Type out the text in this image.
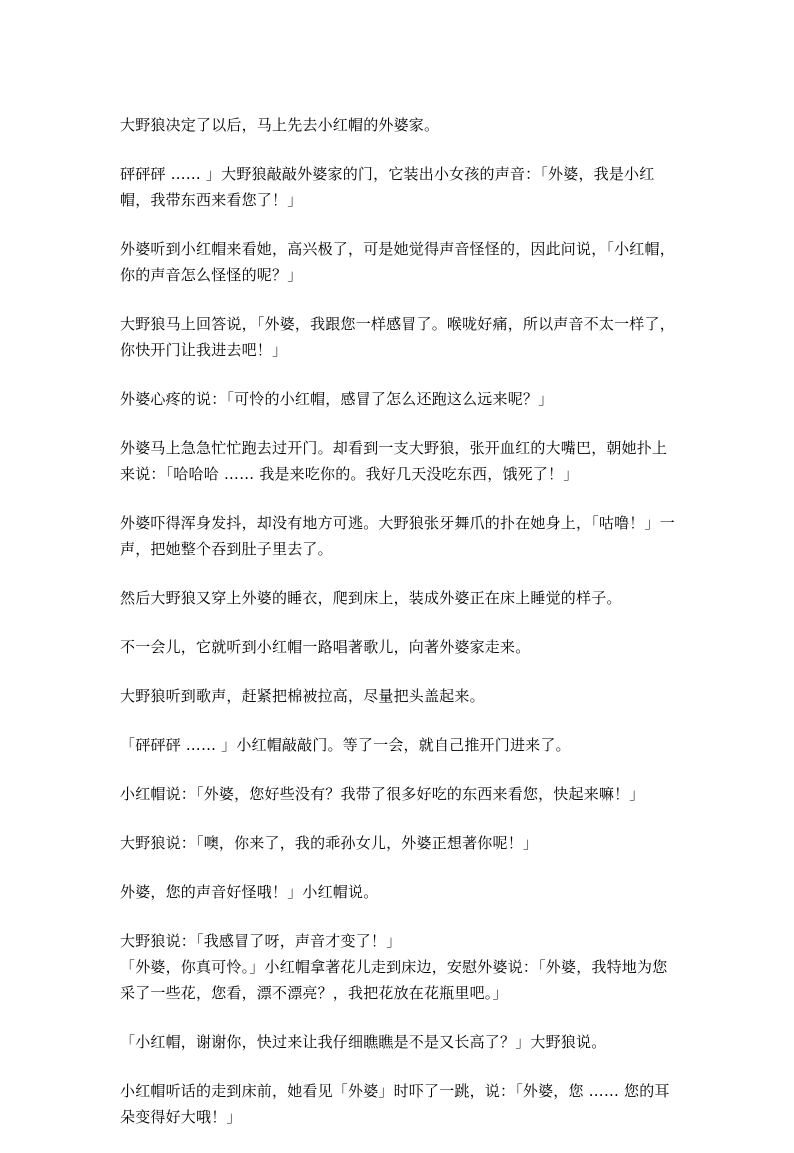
大野狼决定了以后，马上先去小红帽的外婆家。

砰砰砰 …… 」大野狼敲敲外婆家的门，它装出小女孩的声音：「外婆，我是小红帽，我带东西来看您了！」

外婆听到小红帽来看她，高兴极了，可是她觉得声音怪怪的，因此问说，「小红帽，你的声音怎么怪怪的呢？」

大野狼马上回答说，「外婆，我跟您一样感冒了。喉咙好痛，所以声音不太一样了，你快开门让我进去吧！」

外婆心疼的说：「可怜的小红帽，感冒了怎么还跑这么远来呢？」

外婆马上急急忙忙跑去过开门。却看到一支大野狼，张开血红的大嘴巴，朝她扑上来说：「哈哈哈 …… 我是来吃你的。我好几天没吃东西，饿死了！」

外婆吓得浑身发抖，却没有地方可逃。大野狼张牙舞爪的扑在她身上，「咕噜！」一声，把她整个吞到肚子里去了。

然后大野狼又穿上外婆的睡衣，爬到床上，装成外婆正在床上睡觉的样子。

不一会儿，它就听到小红帽一路唱著歌儿，向著外婆家走来。

大野狼听到歌声，赶紧把棉被拉高，尽量把头盖起来。

「砰砰砰 …… 」小红帽敲敲门。等了一会，就自己推开门进来了。

小红帽说：「外婆，您好些没有？我带了很多好吃的东西来看您，快起来嘛！」

大野狼说：「噢，你来了，我的乖孙女儿，外婆正想著你呢！」

外婆，您的声音好怪哦！」小红帽说。

大野狼说：「我感冒了呀，声音才变了！」

「外婆，你真可怜。」小红帽拿著花儿走到床边，安慰外婆说：「外婆，我特地为您采了一些花，您看，漂不漂亮？，我把花放在花瓶里吧。」

「小红帽，谢谢你，快过来让我仔细瞧瞧是不是又长高了？」大野狼说。

小红帽听话的走到床前，她看见「外婆」时吓了一跳，说：「外婆，您 …… 您的耳朵变得好大哦！」
